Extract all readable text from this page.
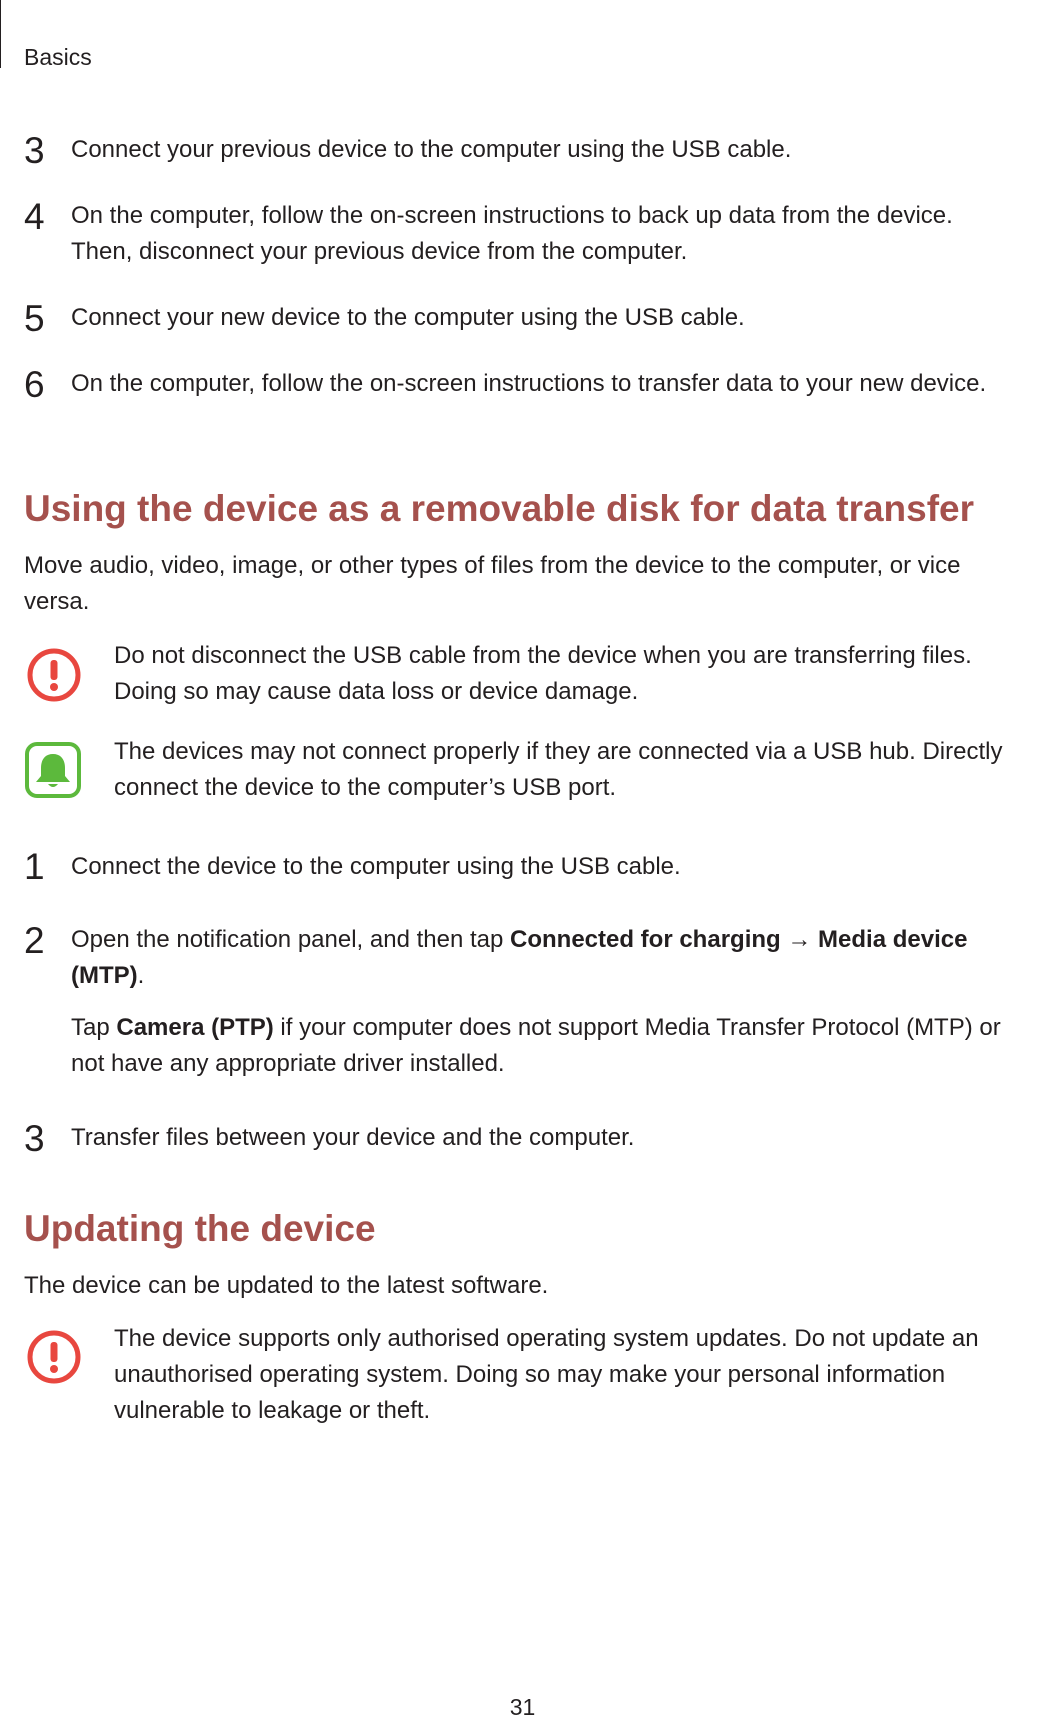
Basics
3 Connect your previous device to the computer using the USB cable.
4 On the computer, follow the on-screen instructions to back up data from the device.
Then, disconnect your previous device from the computer.
5 Connect your new device to the computer using the USB cable.
6 On the computer, follow the on-screen instructions to transfer data to your new device.
Using the device as a removable disk for data transfer
Move audio, video, image, or other types of files from the device to the computer, or vice
versa.
Do not disconnect the USB cable from the device when you are transferring files.
Doing so may cause data loss or device damage.
The devices may not connect properly if they are connected via a USB hub. Directly
connect the device to the computer’s USB port.
1 Connect the device to the computer using the USB cable.
2 Open the notification panel, and then tap Connected for charging → Media device
(MTP).
Tap Camera (PTP) if your computer does not support Media Transfer Protocol (MTP) or
not have any appropriate driver installed.
3 Transfer files between your device and the computer.
Updating the device
The device can be updated to the latest software.
The device supports only authorised operating system updates. Do not update an
unauthorised operating system. Doing so may make your personal information
vulnerable to leakage or theft.
31
